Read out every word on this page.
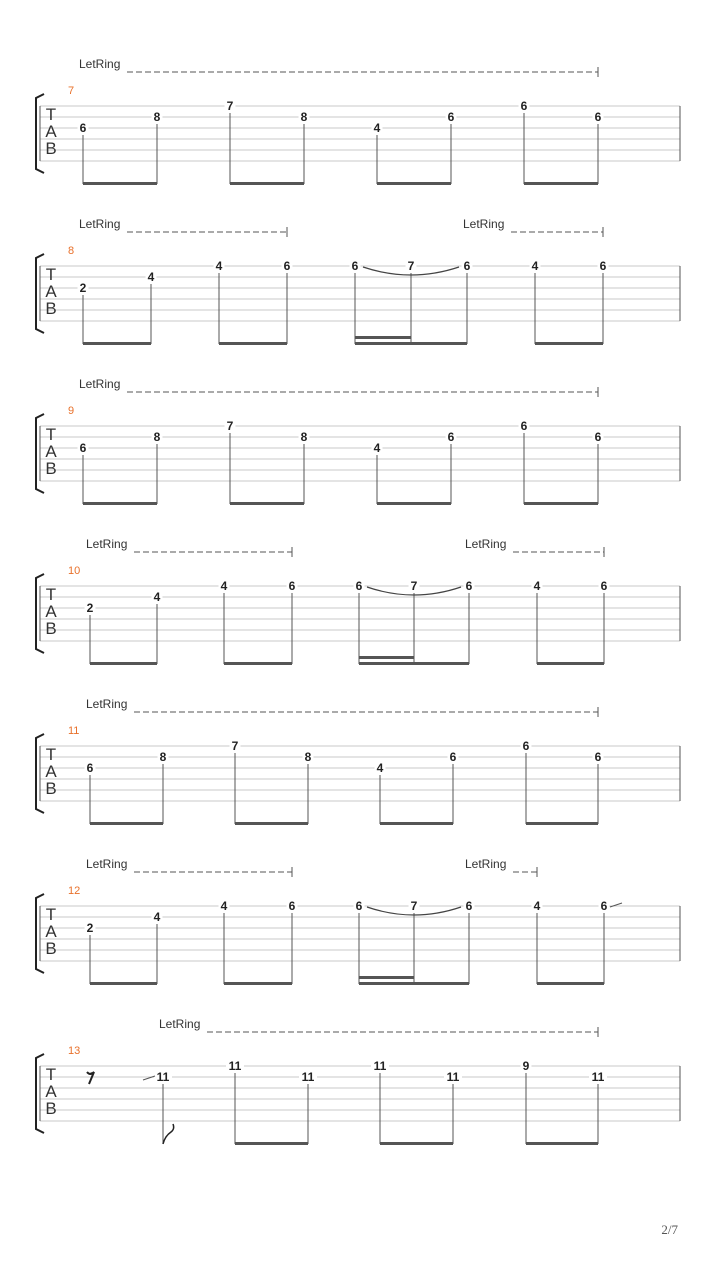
T
A
B
7
LetRing
6
8
7
8
4
6
6
6
T
A
B
8
LetRing	LetRing
2
4
4	6	6	7	6	4	6
T
A
B
9
LetRing
6
8
7
8
4
6
6
6
T
A
B
10
LetRing	LetRing
2
4
4	6	6	7	6	4	6
T
A
B
11
LetRing
6
8
7
8
4
6
6
6
T
A
B
12
LetRing	LetRing
2
4
4	6	6	7	6	4	6
T
A
B
13
LetRing
𝄾	11
11
11
11
11
9
11
2/7
